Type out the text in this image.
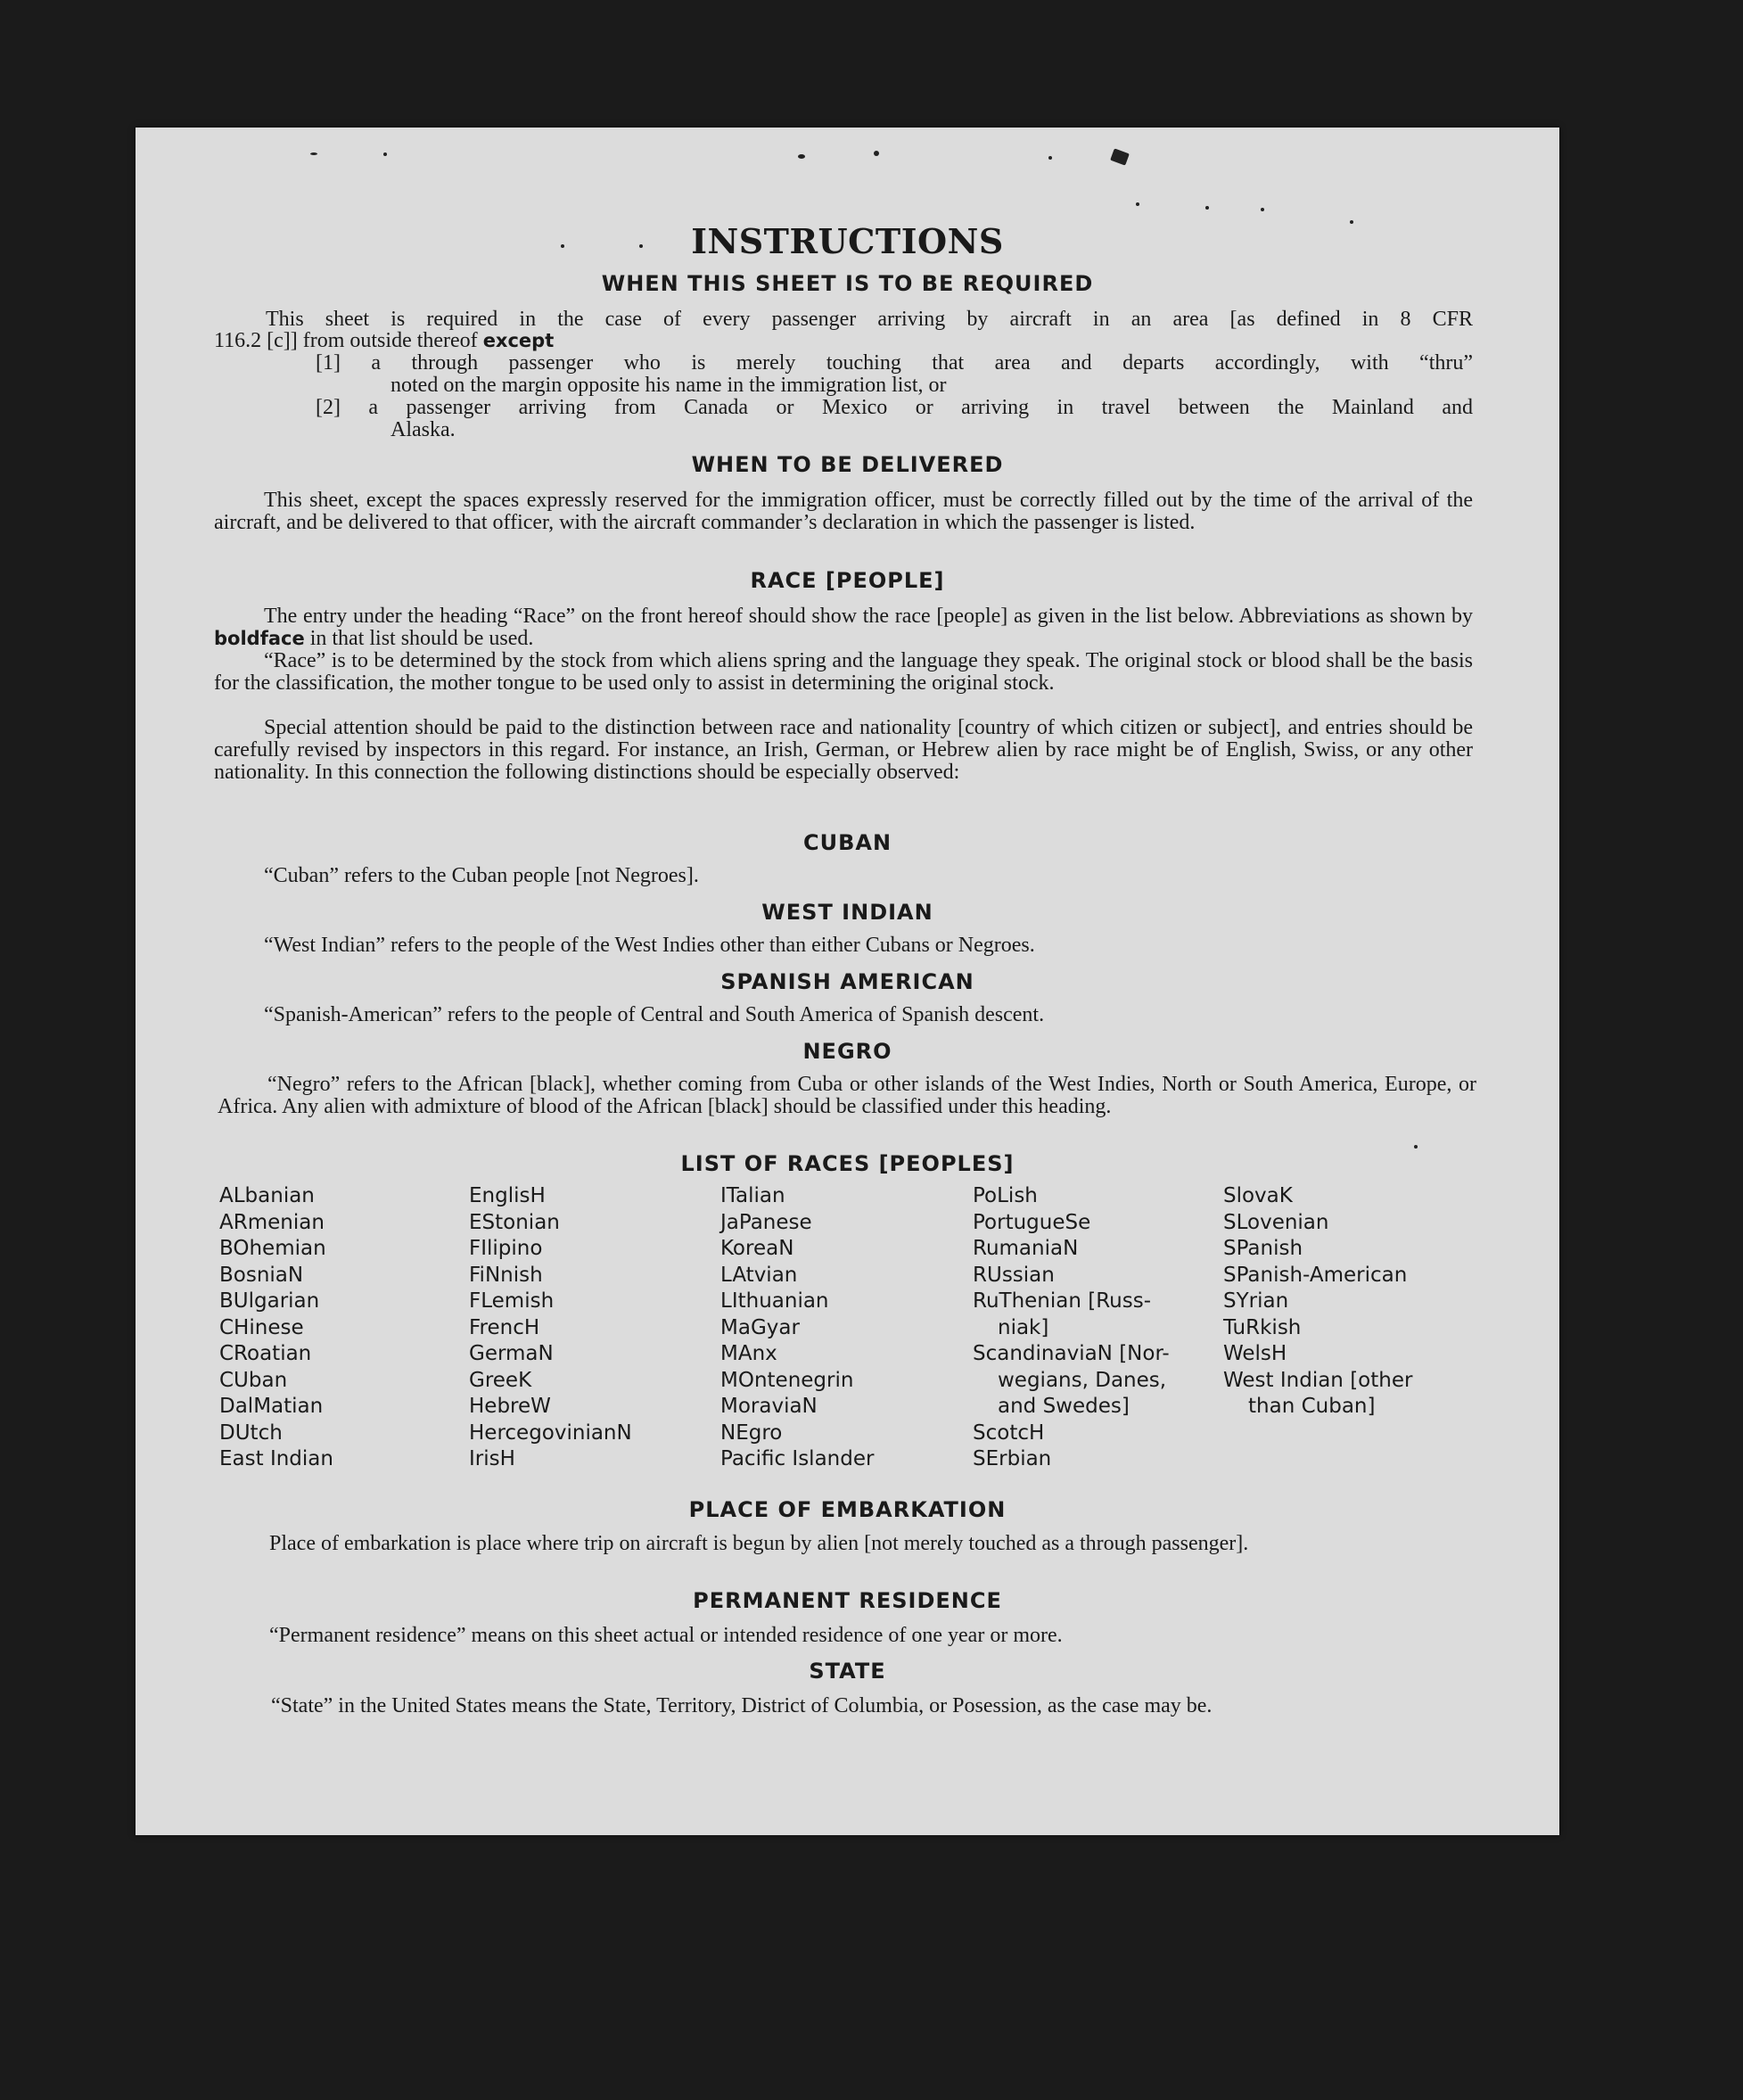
INSTRUCTIONS
WHEN THIS SHEET IS TO BE REQUIRED
This sheet is required in the case of every passenger arriving by aircraft in an area [as defined in 8 CFR
116.2 [c]] from outside thereof except
[1] a through passenger who is merely touching that area and departs accordingly, with “thru”
noted on the margin opposite his name in the immigration list, or
[2] a passenger arriving from Canada or Mexico or arriving in travel between the Mainland and
Alaska.
WHEN TO BE DELIVERED
This sheet, except the spaces expressly reserved for the immigration officer, must be correctly filled out by the time of the arrival of the aircraft, and be delivered to that officer, with the aircraft commander’s declaration in which the passenger is listed.
RACE [PEOPLE]
The entry under the heading “Race” on the front hereof should show the race [people] as given in the list below. Abbreviations as shown by boldface in that list should be used.
“Race” is to be determined by the stock from which aliens spring and the language they speak. The original stock or blood shall be the basis for the classification, the mother tongue to be used only to assist in determining the original stock.
Special attention should be paid to the distinction between race and nationality [country of which citizen or subject], and entries should be carefully revised by inspectors in this regard. For instance, an Irish, German, or Hebrew alien by race might be of English, Swiss, or any other nationality. In this connection the following distinctions should be especially observed:
CUBAN
“Cuban” refers to the Cuban people [not Negroes].
WEST INDIAN
“West Indian” refers to the people of the West Indies other than either Cubans or Negroes.
SPANISH AMERICAN
“Spanish-American” refers to the people of Central and South America of Spanish descent.
NEGRO
“Negro” refers to the African [black], whether coming from Cuba or other islands of the West Indies, North or South America, Europe, or Africa. Any alien with admixture of blood of the African [black] should be classified under this heading.
LIST OF RACES [PEOPLES]
ALbanian
ARmenian
BOhemian
BosniaN
BUlgarian
CHinese
CRoatian
CUban
DalMatian
DUtch
East Indian
EnglisH
EStonian
FIlipino
FiNnish
FLemish
FrencH
GermaN
GreeK
HebreW
HercegovinianN
IrisH
ITalian
JaPanese
KoreaN
LAtvian
LIthuanian
MaGyar
MAnx
MOntenegrin
MoraviaN
NEgro
Pacific Islander
PoLish
PortugueSe
RumaniaN
RUssian
RuThenian [Russ-
niak]
ScandinaviaN [Nor-
wegians, Danes,
and Swedes]
ScotcH
SErbian
SlovaK
SLovenian
SPanish
SPanish-American
SYrian
TuRkish
WelsH
West Indian [other
than Cuban]
PLACE OF EMBARKATION
Place of embarkation is place where trip on aircraft is begun by alien [not merely touched as a through passenger].
PERMANENT RESIDENCE
“Permanent residence” means on this sheet actual or intended residence of one year or more.
STATE
“State” in the United States means the State, Territory, District of Columbia, or Posession, as the case may be.
